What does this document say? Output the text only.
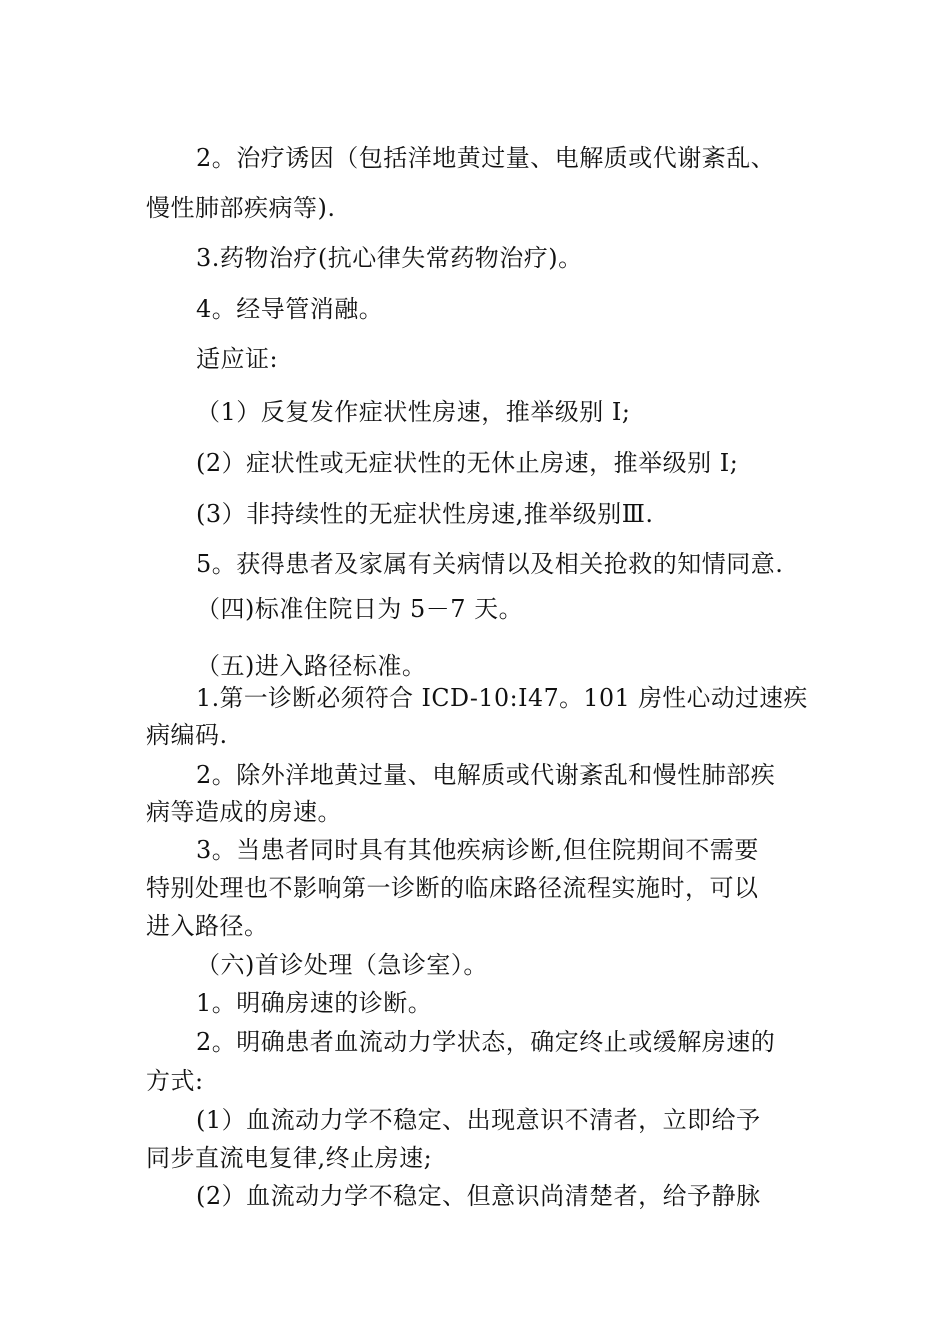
2。治疗诱因（包括洋地黄过量、电解质或代谢紊乱、
慢性肺部疾病等).
3.药物治疗(抗心律失常药物治疗)。
4。经导管消融。
适应证:
（1）反复发作症状性房速，推举级别 I;
(2）症状性或无症状性的无休止房速，推举级别 I;
(3）非持续性的无症状性房速,推举级别Ⅲ.
5。获得患者及家属有关病情以及相关抢救的知情同意.
（四)标准住院日为 5－7 天。
（五)进入路径标准。
1.第一诊断必须符合 ICD-10:I47。101 房性心动过速疾
病编码.
2。除外洋地黄过量、电解质或代谢紊乱和慢性肺部疾
病等造成的房速。
3。当患者同时具有其他疾病诊断,但住院期间不需要
特别处理也不影响第一诊断的临床路径流程实施时，可以
进入路径。
（六)首诊处理（急诊室）。
1。明确房速的诊断。
2。明确患者血流动力学状态，确定终止或缓解房速的
方式:
(1）血流动力学不稳定、出现意识不清者，立即给予
同步直流电复律,终止房速;
(2）血流动力学不稳定、但意识尚清楚者，给予静脉
